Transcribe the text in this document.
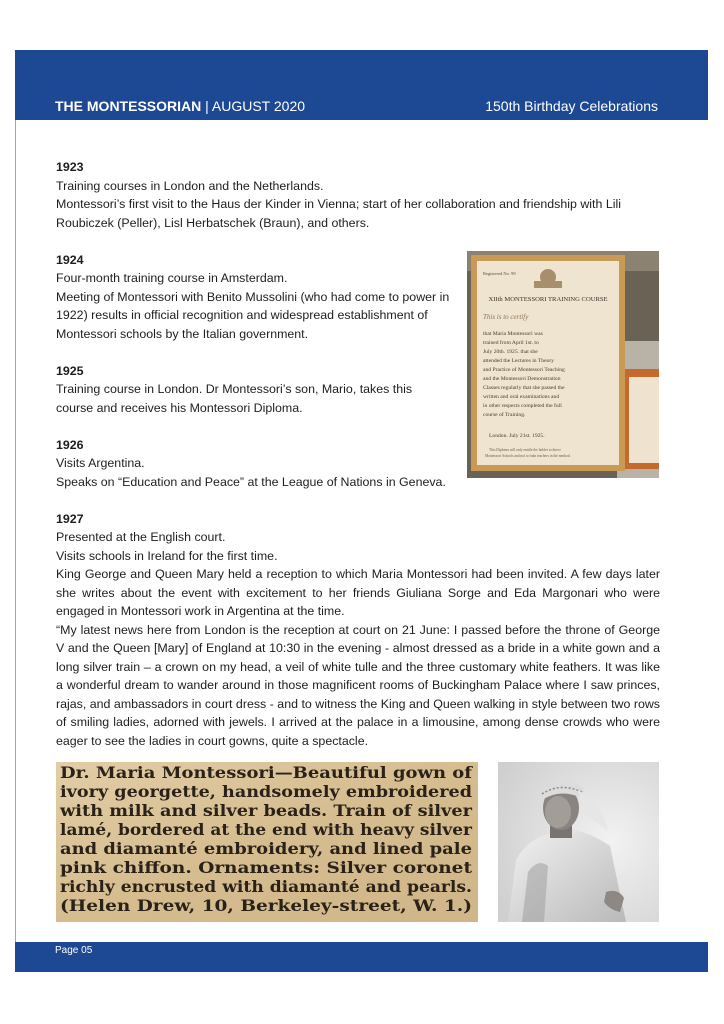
THE MONTESSORIAN | AUGUST 2020	150th Birthday Celebrations

1923

Training courses in London and the Netherlands.

Montessori’s first visit to the Haus der Kinder in Vienna; start of her collaboration and friendship with Lili Roubiczek (Peller), Lisl Herbatschek (Braun), and others.

1924

Four-month training course in Amsterdam.

Meeting of Montessori with Benito Mussolini (who had come to power in 1922) results in official recognition and widespread establishment of Montessori schools by the Italian government.

1925

Training course in London. Dr Montessori’s son, Mario, takes this course and receives his Montessori Diploma.

1926

Visits Argentina.

Speaks on “Education and Peace” at the League of Nations in Geneva.

1927

Presented at the English court.

Visits schools in Ireland for the first time.

King George and Queen Mary held a reception to which Maria Montessori had been invited. A few days later she writes about the event with excitement to her friends Giuliana Sorge and Eda Margonari who were engaged in Montessori work in Argentina at the time.

“My latest news here from London is the reception at court on 21 June: I passed before the throne of George V and the Queen [Mary] of England at 10:30 in the evening - almost dressed as a bride in a white gown and a long silver train – a crown on my head, a veil of white tulle and the three customary white feathers. It was like a wonderful dream to wander around in those magnificent rooms of Buckingham Palace where I saw princes, rajas, and ambassadors in court dress - and to witness the King and Queen walking in style between two rows of smiling ladies, adorned with jewels. I arrived at the palace in a limousine, among dense crowds who were eager to see the ladies in court gowns, quite a spectacle.

Registered No. 99
XIIth MONTESSORI TRAINING COURSE
This is to certify
that Maria Montessori was
trained from April 1st. to
July 20th. 1925. that she
attended the Lectures in Theory
and Practice of Montessori Teaching
and the Montessori Demonstration
Classes regularly that she passed the
written and oral examinations and
in other respects completed the full
course of Training.
London. July 21st. 1925.
This Diploma will only entitle the holder to direct
Montessori Schools and not to train teachers in the method.
Dr. Maria Montessori—Beautiful gown of
ivory georgette, handsomely embroidered
with milk and silver beads. Train of silver
lamé, bordered at the end with heavy silver
and diamanté embroidery, and lined pale
pink chiffon. Ornaments: Silver coronet
richly encrusted with diamanté and pearls.
(Helen Drew, 10, Berkeley-street, W. 1.)
Page 05
